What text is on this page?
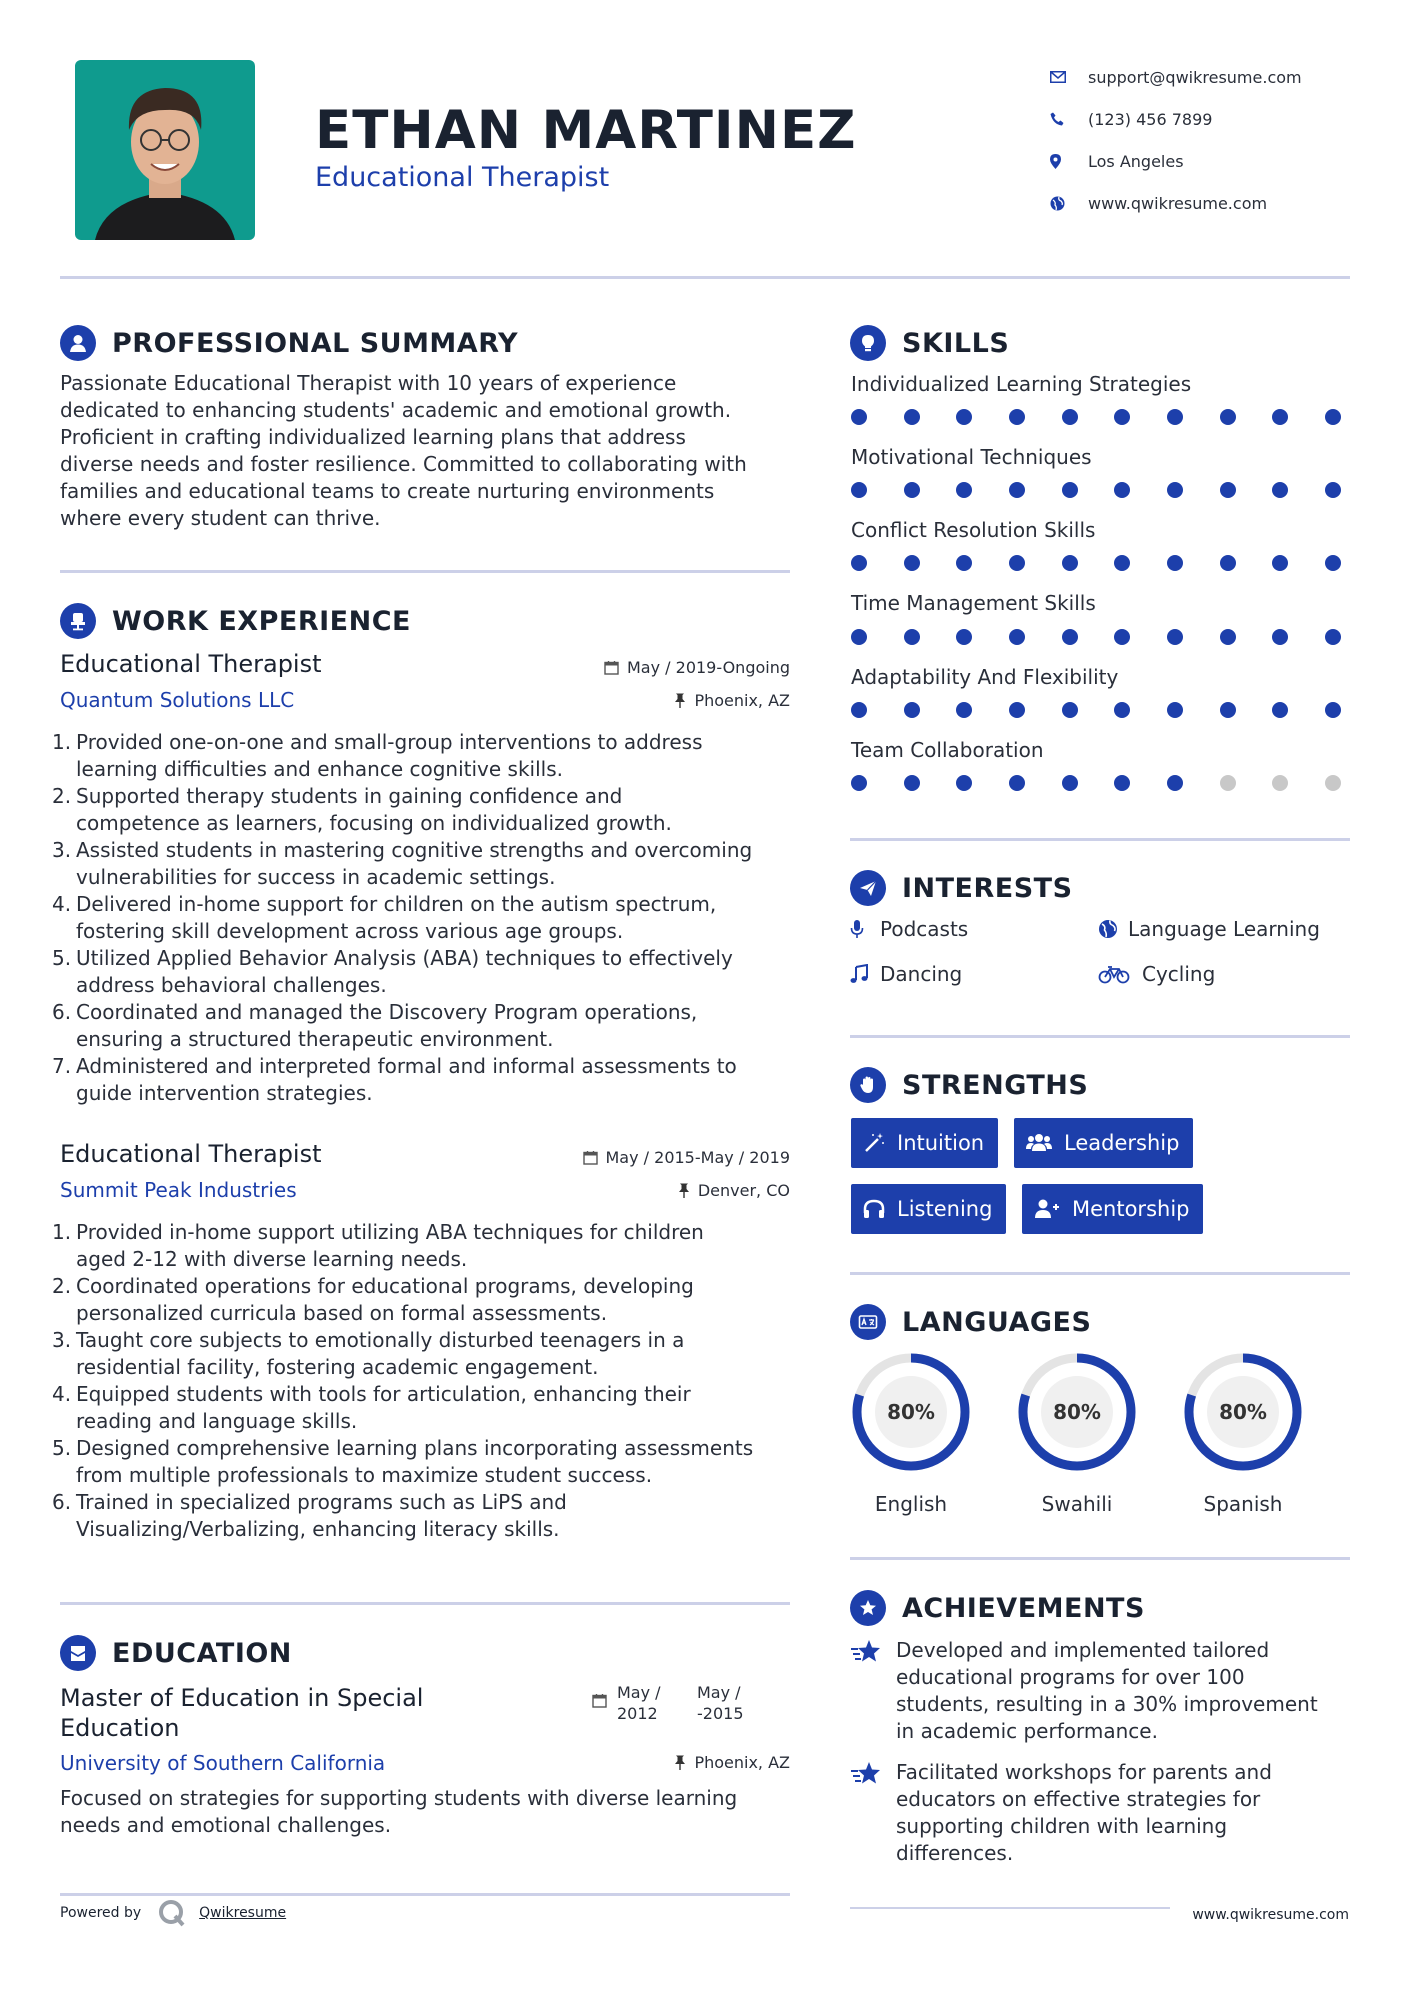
ETHAN MARTINEZ
Educational Therapist
support@qwikresume.com
(123) 456 7899
Los Angeles
www.qwikresume.com
PROFESSIONAL SUMMARY
Passionate Educational Therapist with 10 years of experience
dedicated to enhancing students' academic and emotional growth.
Proficient in crafting individualized learning plans that address
diverse needs and foster resilience. Committed to collaborating with
families and educational teams to create nurturing environments
where every student can thrive.
WORK EXPERIENCE
Educational Therapist
Quantum Solutions LLC
May / 2019-Ongoing
Phoenix, AZ
1. Provided one-on-one and small-group interventions to address
learning difficulties and enhance cognitive skills.
2. Supported therapy students in gaining confidence and
competence as learners, focusing on individualized growth.
3. Assisted students in mastering cognitive strengths and overcoming
vulnerabilities for success in academic settings.
4. Delivered in-home support for children on the autism spectrum,
fostering skill development across various age groups.
5. Utilized Applied Behavior Analysis (ABA) techniques to effectively
address behavioral challenges.
6. Coordinated and managed the Discovery Program operations,
ensuring a structured therapeutic environment.
7. Administered and interpreted formal and informal assessments to
guide intervention strategies.
Educational Therapist
Summit Peak Industries
May / 2015-May / 2019
Denver, CO
1. Provided in-home support utilizing ABA techniques for children
aged 2-12 with diverse learning needs.
2. Coordinated operations for educational programs, developing
personalized curricula based on formal assessments.
3. Taught core subjects to emotionally disturbed teenagers in a
residential facility, fostering academic engagement.
4. Equipped students with tools for articulation, enhancing their
reading and language skills.
5. Designed comprehensive learning plans incorporating assessments
from multiple professionals to maximize student success.
6. Trained in specialized programs such as LiPS and
Visualizing/Verbalizing, enhancing literacy skills.
EDUCATION
Master of Education in Special
Education
University of Southern California
May /
2012
May /
-2015
Phoenix, AZ
Focused on strategies for supporting students with diverse learning
needs and emotional challenges.
Powered by	Qwikresume
SKILLS
Individualized Learning Strategies
Motivational Techniques
Conflict Resolution Skills
Time Management Skills
Adaptability And Flexibility
Team Collaboration
INTERESTS
Podcasts	Language Learning
Dancing	Cycling
STRENGTHS
Intuition	Leadership
Listening	Mentorship
LANGUAGES
80%
English
80%
Swahili
80%
Spanish
ACHIEVEMENTS
Developed and implemented tailored
educational programs for over 100
students, resulting in a 30% improvement
in academic performance.
Facilitated workshops for parents and
educators on effective strategies for
supporting children with learning
differences.
www.qwikresume.com
